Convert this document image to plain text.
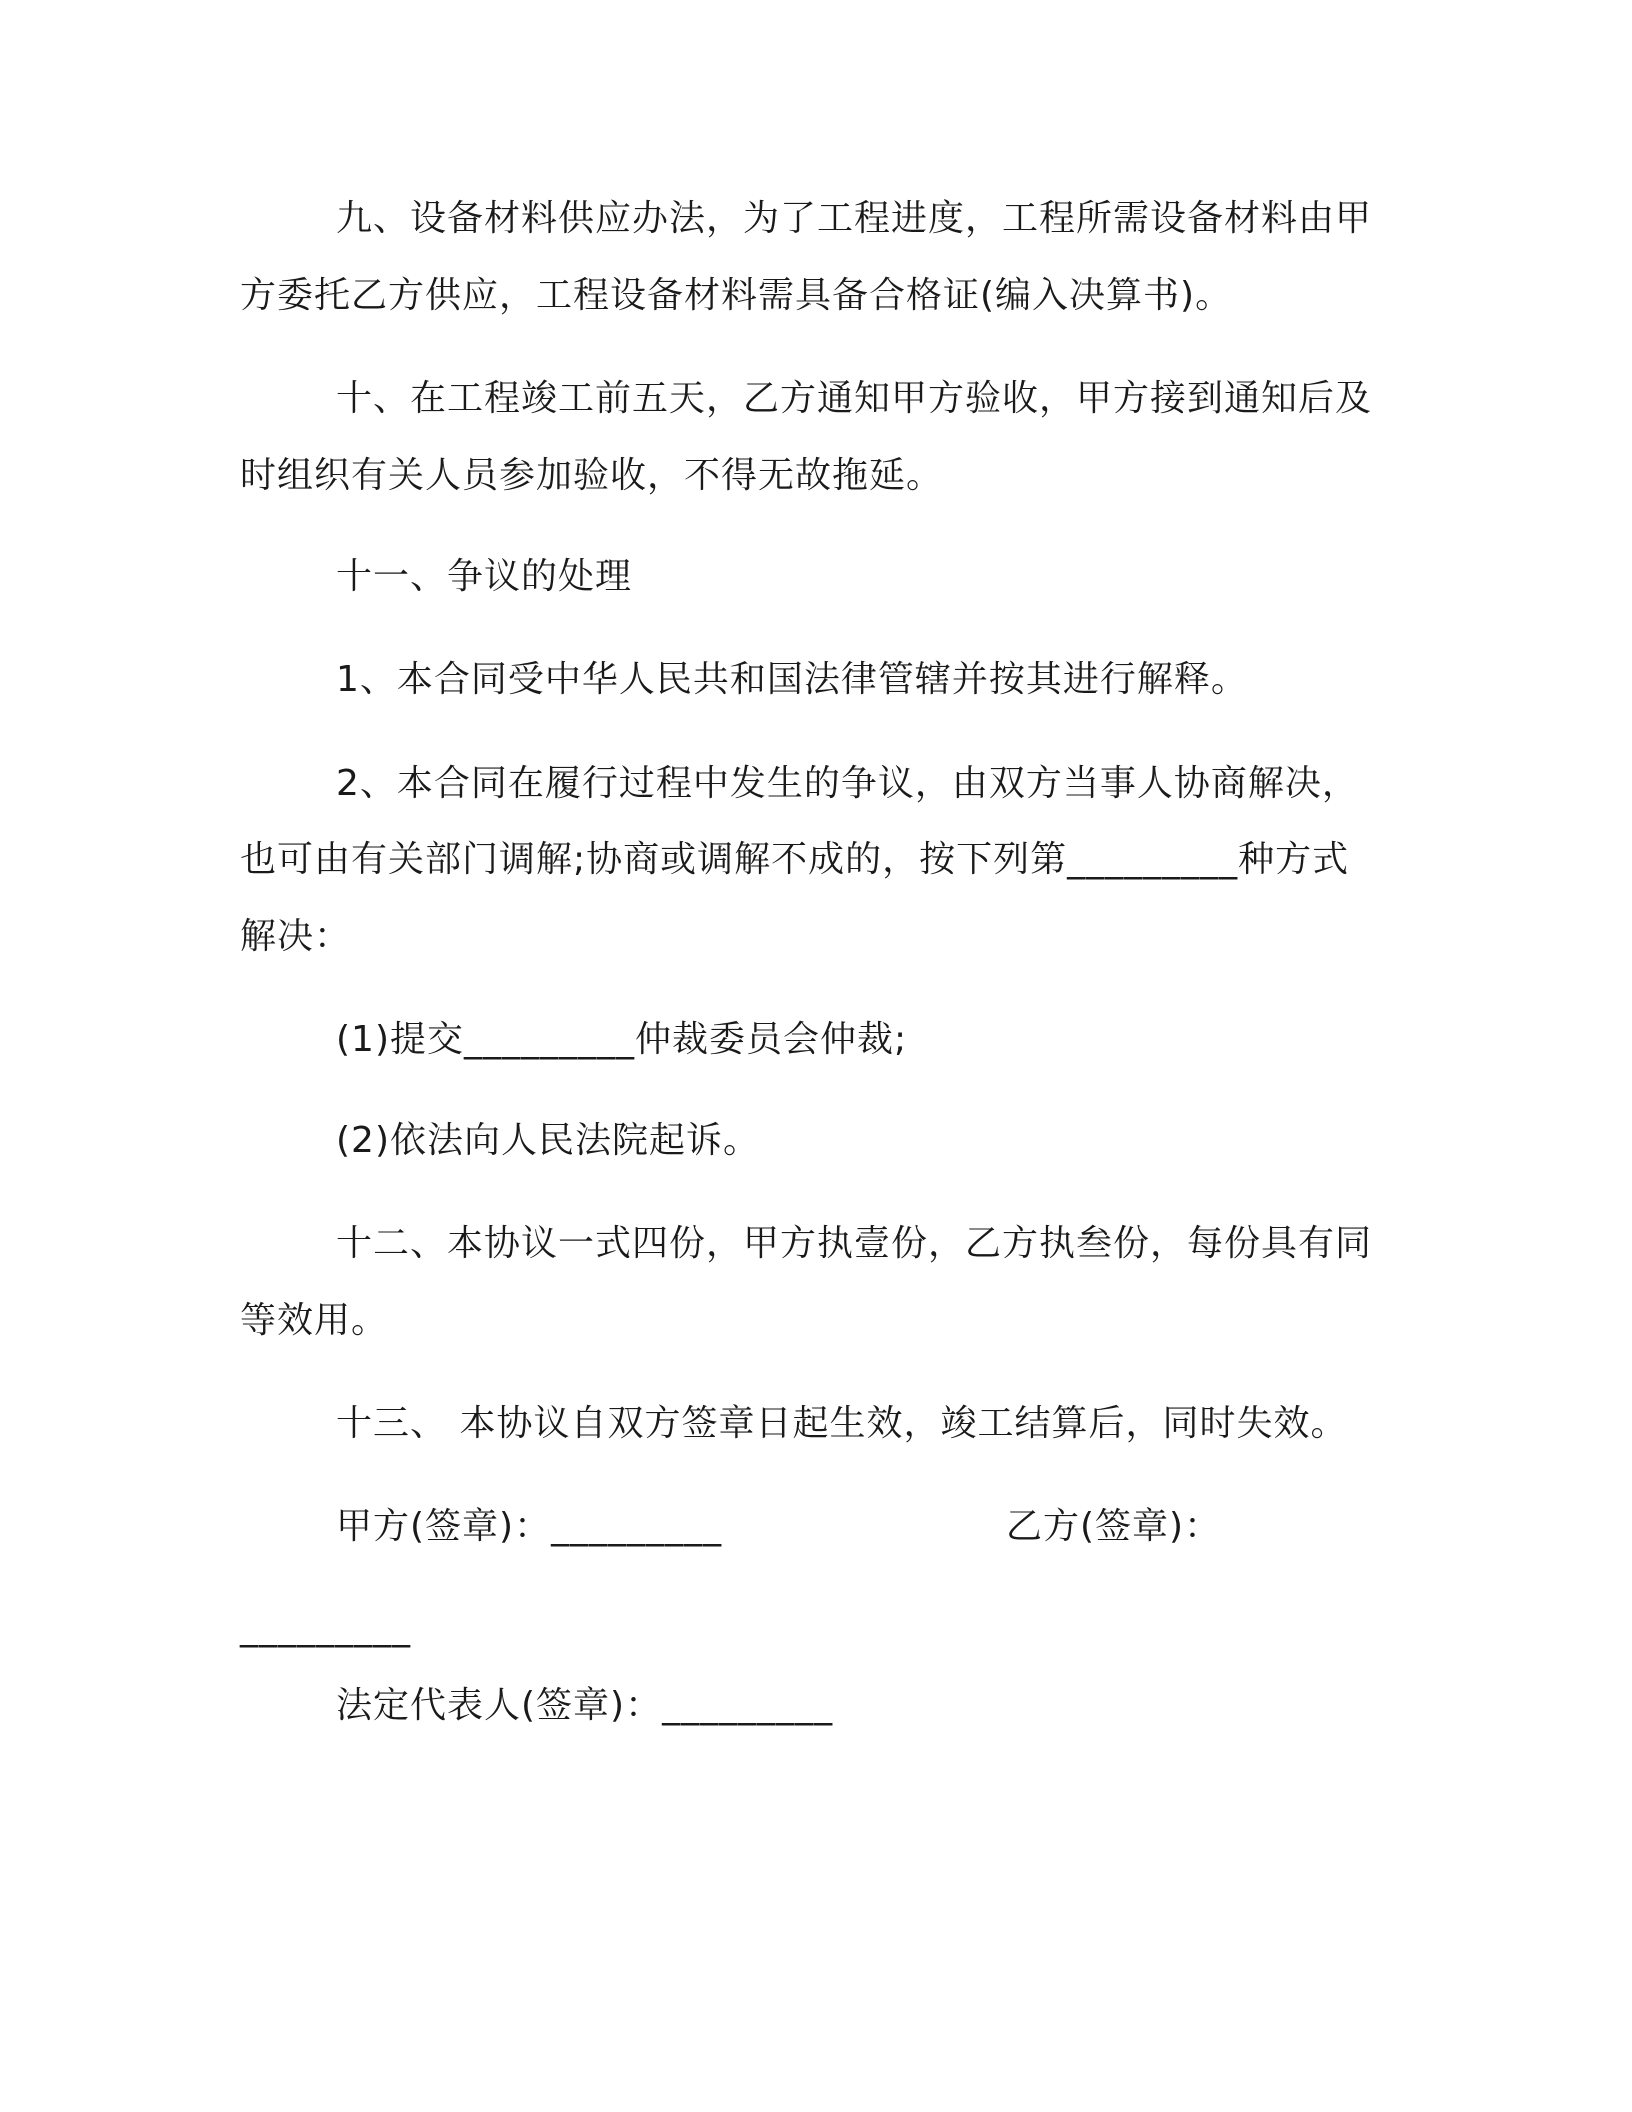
九、设备材料供应办法，为了工程进度，工程所需设备材料由甲
方委托乙方供应，工程设备材料需具备合格证(编入决算书)。
十、在工程竣工前五天，乙方通知甲方验收，甲方接到通知后及
时组织有关人员参加验收，不得无故拖延。
十一、争议的处理
1、本合同受中华人民共和国法律管辖并按其进行解释。
2、本合同在履行过程中发生的争议，由双方当事人协商解决，
也可由有关部门调解;协商或调解不成的，按下列第_________种方式
解决：
(1)提交_________仲裁委员会仲裁;
(2)依法向人民法院起诉。
十二、本协议一式四份，甲方执壹份，乙方执叁份，每份具有同
等效用。
十三、 本协议自双方签章日起生效，竣工结算后，同时失效。
甲方(签章)：_________	乙方(签章)：
_________
法定代表人(签章)：_________
